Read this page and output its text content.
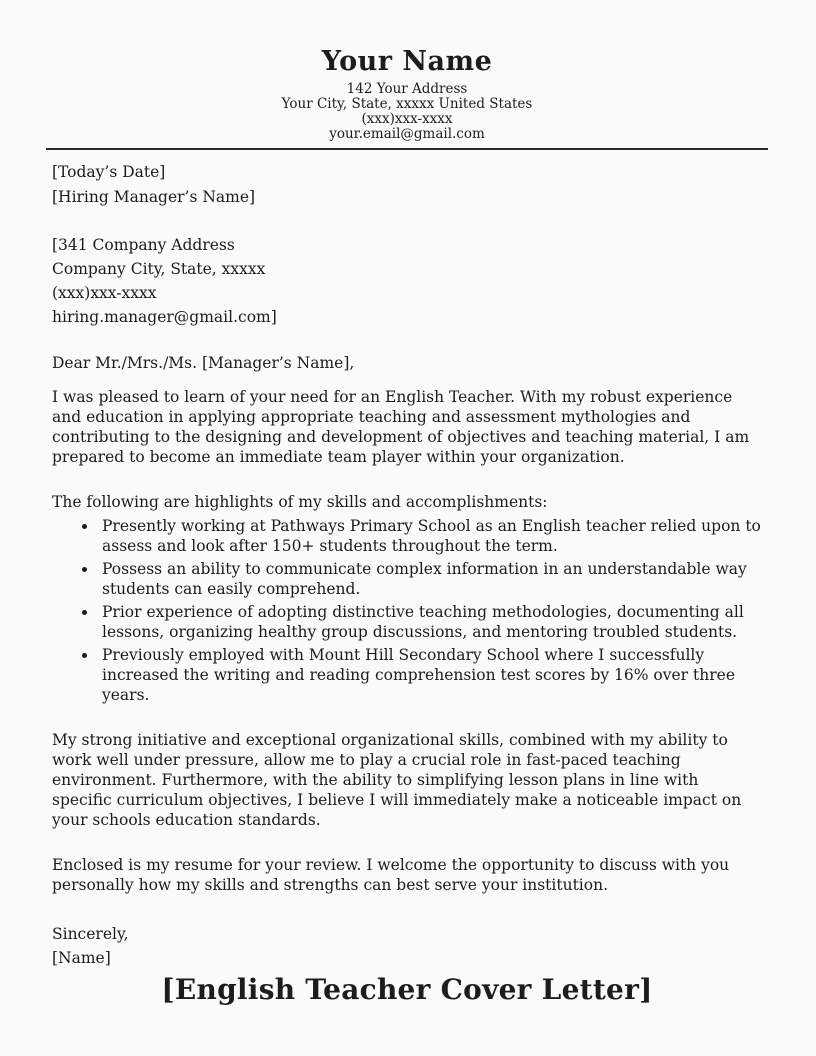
Your Name

142 Your Address

Your City, State, xxxxx United States

(xxx)xxx-xxxx

your.email@gmail.com

[Today’s Date]

[Hiring Manager’s Name]

[341 Company Address

Company City, State, xxxxx

(xxx)xxx-xxxx

hiring.manager@gmail.com]

Dear Mr./Mrs./Ms. [Manager’s Name],

I was pleased to learn of your need for an English Teacher. With my robust experience and education in applying appropriate teaching and assessment mythologies and contributing to the designing and development of objectives and teaching material, I am prepared to become an immediate team player within your organization.

The following are highlights of my skills and accomplishments:

• Presently working at Pathways Primary School as an English teacher relied upon to assess and look after 150+ students throughout the term.
• Possess an ability to communicate complex information in an understandable way students can easily comprehend.
• Prior experience of adopting distinctive teaching methodologies, documenting all lessons, organizing healthy group discussions, and mentoring troubled students.
• Previously employed with Mount Hill Secondary School where I successfully increased the writing and reading comprehension test scores by 16% over three years.

My strong initiative and exceptional organizational skills, combined with my ability to work well under pressure, allow me to play a crucial role in fast-paced teaching environment. Furthermore, with the ability to simplifying lesson plans in line with specific curriculum objectives, I believe I will immediately make a noticeable impact on your schools education standards.

Enclosed is my resume for your review. I welcome the opportunity to discuss with you personally how my skills and strengths can best serve your institution.

Sincerely,

[Name]

[English Teacher Cover Letter]
